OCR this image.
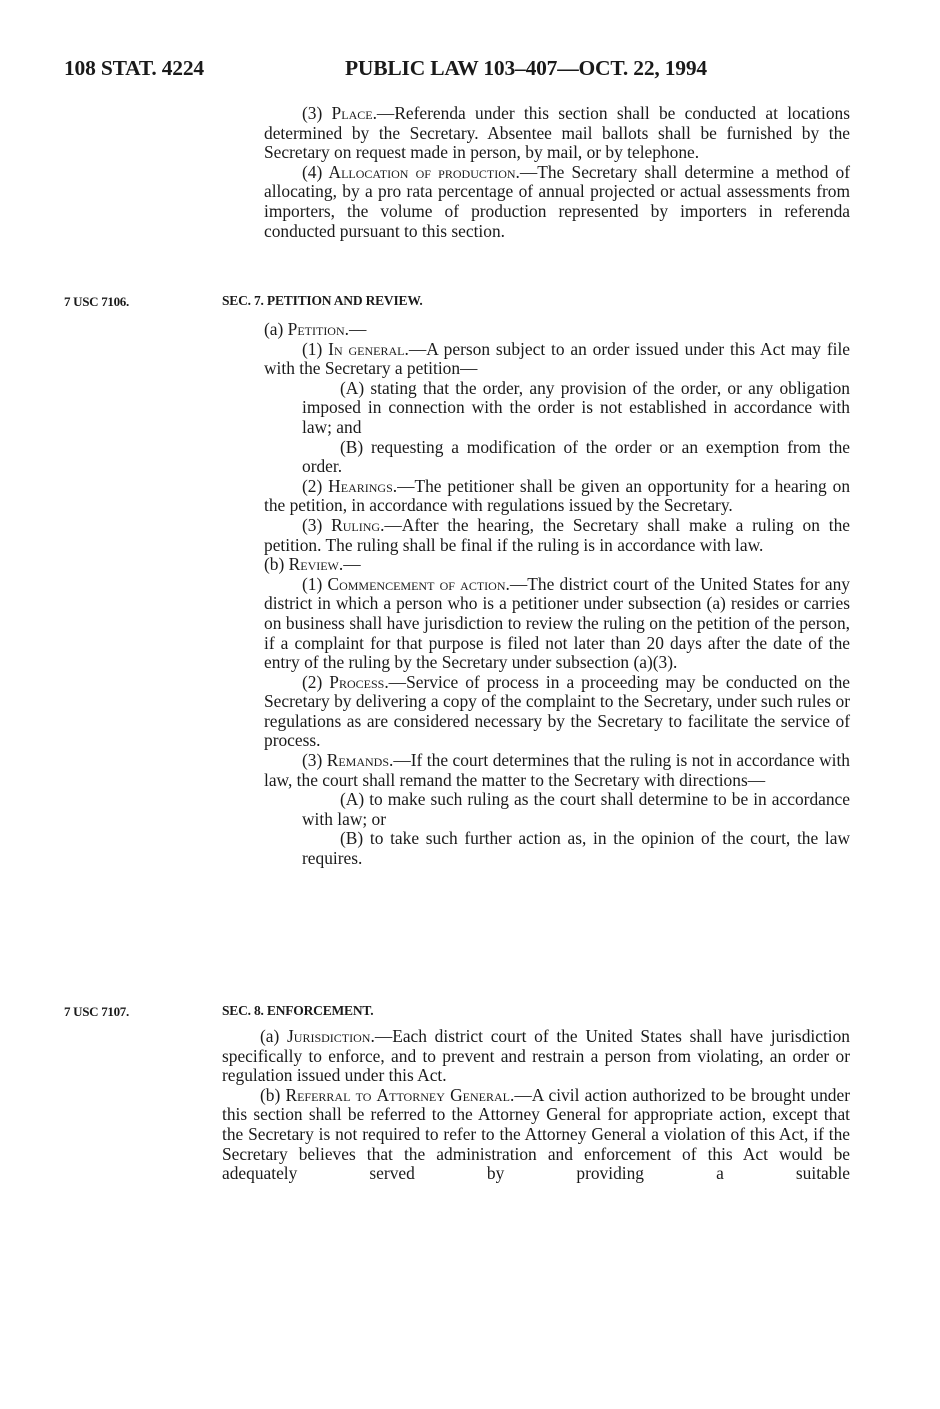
108 STAT. 4224	PUBLIC LAW 103–407—OCT. 22, 1994

(3) Place.—Referenda under this section shall be conducted at locations determined by the Secretary. Absentee mail ballots shall be furnished by the Secretary on request made in person, by mail, or by telephone.

(4) Allocation of production.—The Secretary shall determine a method of allocating, by a pro rata percentage of annual projected or actual assessments from importers, the volume of production represented by importers in referenda conducted pursuant to this section.

7 USC 7106.	SEC. 7. PETITION AND REVIEW.

(a) Petition.—

(1) In general.—A person subject to an order issued under this Act may file with the Secretary a petition—

(A) stating that the order, any provision of the order, or any obligation imposed in connection with the order is not established in accordance with law; and

(B) requesting a modification of the order or an exemption from the order.

(2) Hearings.—The petitioner shall be given an opportunity for a hearing on the petition, in accordance with regulations issued by the Secretary.

(3) Ruling.—After the hearing, the Secretary shall make a ruling on the petition. The ruling shall be final if the ruling is in accordance with law.

(b) Review.—

(1) Commencement of action.—The district court of the United States for any district in which a person who is a petitioner under subsection (a) resides or carries on business shall have jurisdiction to review the ruling on the petition of the person, if a complaint for that purpose is filed not later than 20 days after the date of the entry of the ruling by the Secretary under subsection (a)(3).

(2) Process.—Service of process in a proceeding may be conducted on the Secretary by delivering a copy of the complaint to the Secretary, under such rules or regulations as are considered necessary by the Secretary to facilitate the service of process.

(3) Remands.—If the court determines that the ruling is not in accordance with law, the court shall remand the matter to the Secretary with directions—

(A) to make such ruling as the court shall determine to be in accordance with law; or

(B) to take such further action as, in the opinion of the court, the law requires.

7 USC 7107.	SEC. 8. ENFORCEMENT.

(a) Jurisdiction.—Each district court of the United States shall have jurisdiction specifically to enforce, and to prevent and restrain a person from violating, an order or regulation issued under this Act.

(b) Referral to Attorney General.—A civil action authorized to be brought under this section shall be referred to the Attorney General for appropriate action, except that the Secretary is not required to refer to the Attorney General a violation of this Act, if the Secretary believes that the administration and enforcement of this Act would be adequately served by providing a suitable
